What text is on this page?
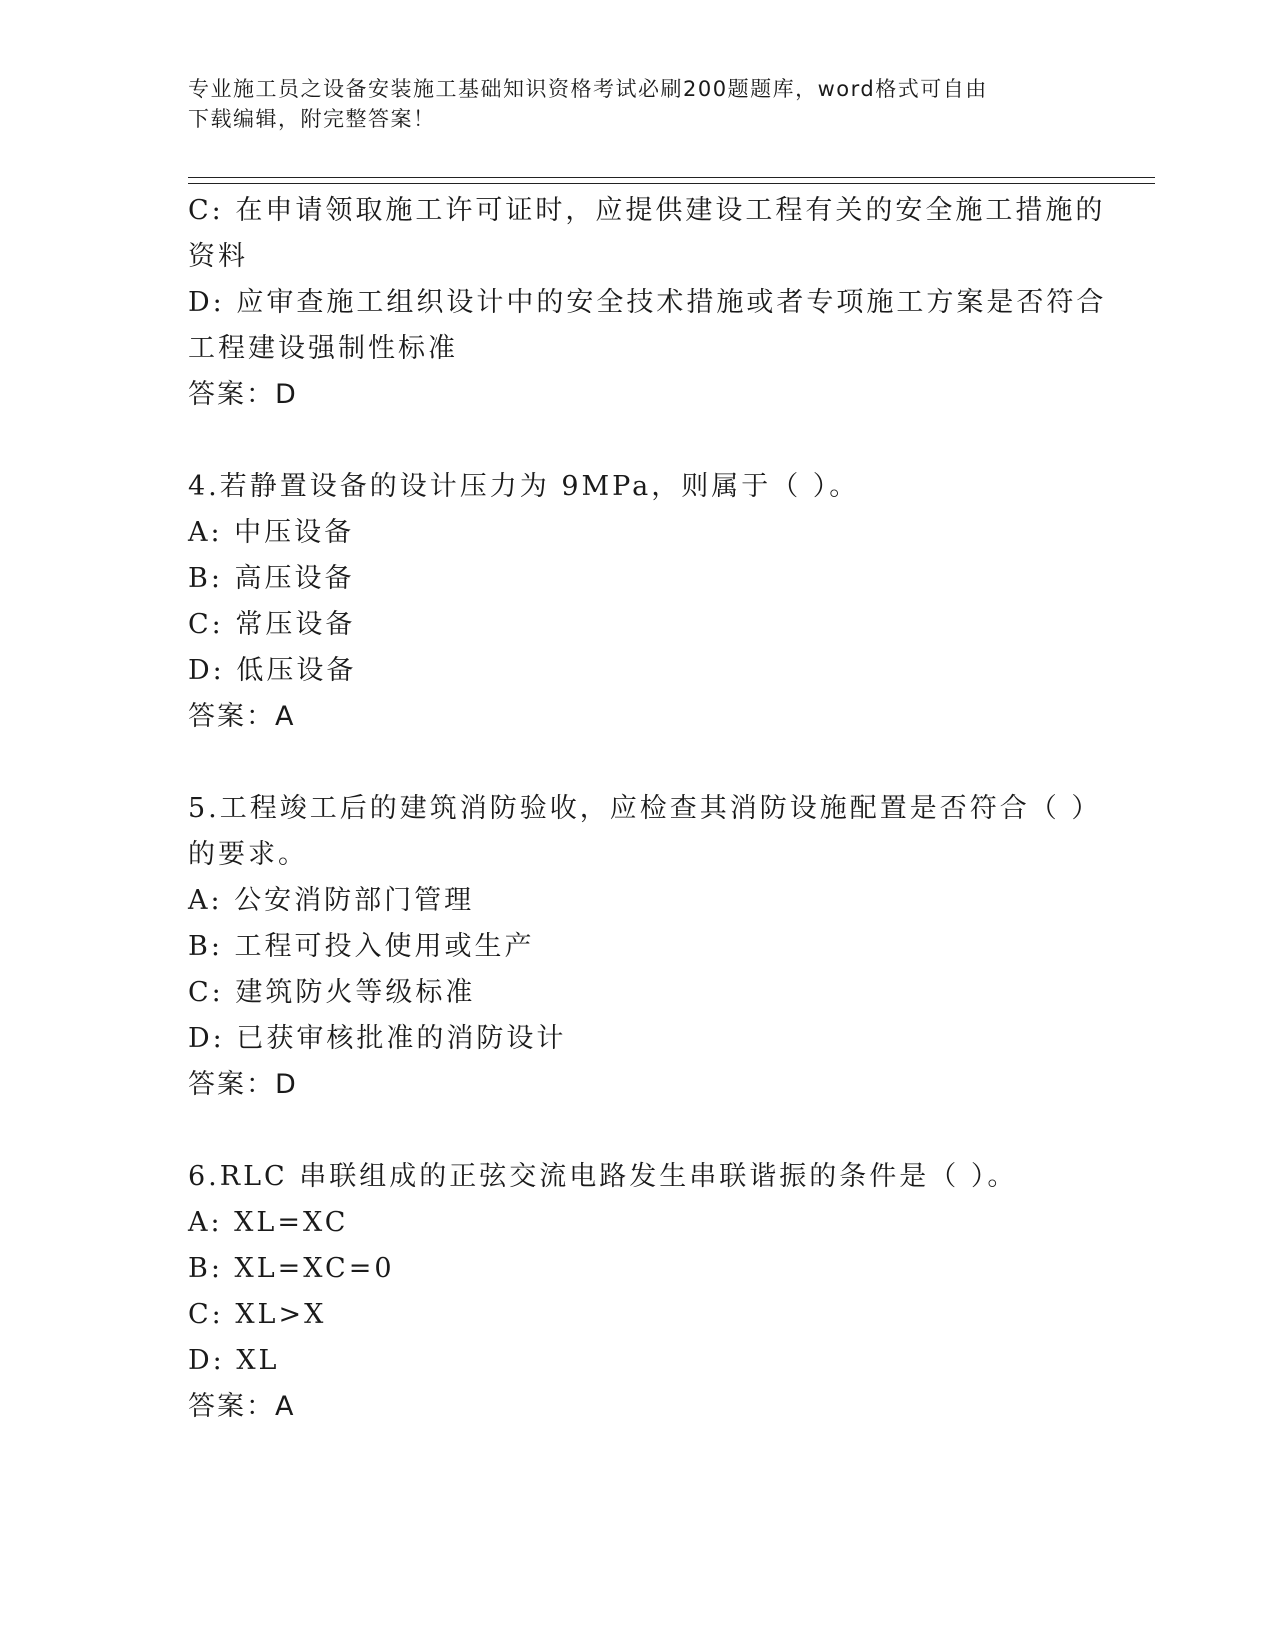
专业施工员之设备安装施工基础知识资格考试必刷200题题库，word格式可自由
下载编辑，附完整答案！
C: 在申请领取施工许可证时，应提供建设工程有关的安全施工措施的
资料
D: 应审查施工组织设计中的安全技术措施或者专项施工方案是否符合
工程建设强制性标准
答案：D
4.若静置设备的设计压力为 9MPa，则属于（ ）。
A: 中压设备
B: 高压设备
C: 常压设备
D: 低压设备
答案：A
5.工程竣工后的建筑消防验收，应检查其消防设施配置是否符合（ ）
的要求。
A: 公安消防部门管理
B: 工程可投入使用或生产
C: 建筑防火等级标准
D: 已获审核批准的消防设计
答案：D
6.RLC 串联组成的正弦交流电路发生串联谐振的条件是（ ）。
A: XL=XC
B: XL=XC=0
C: XL>X
D: XL
答案：A
